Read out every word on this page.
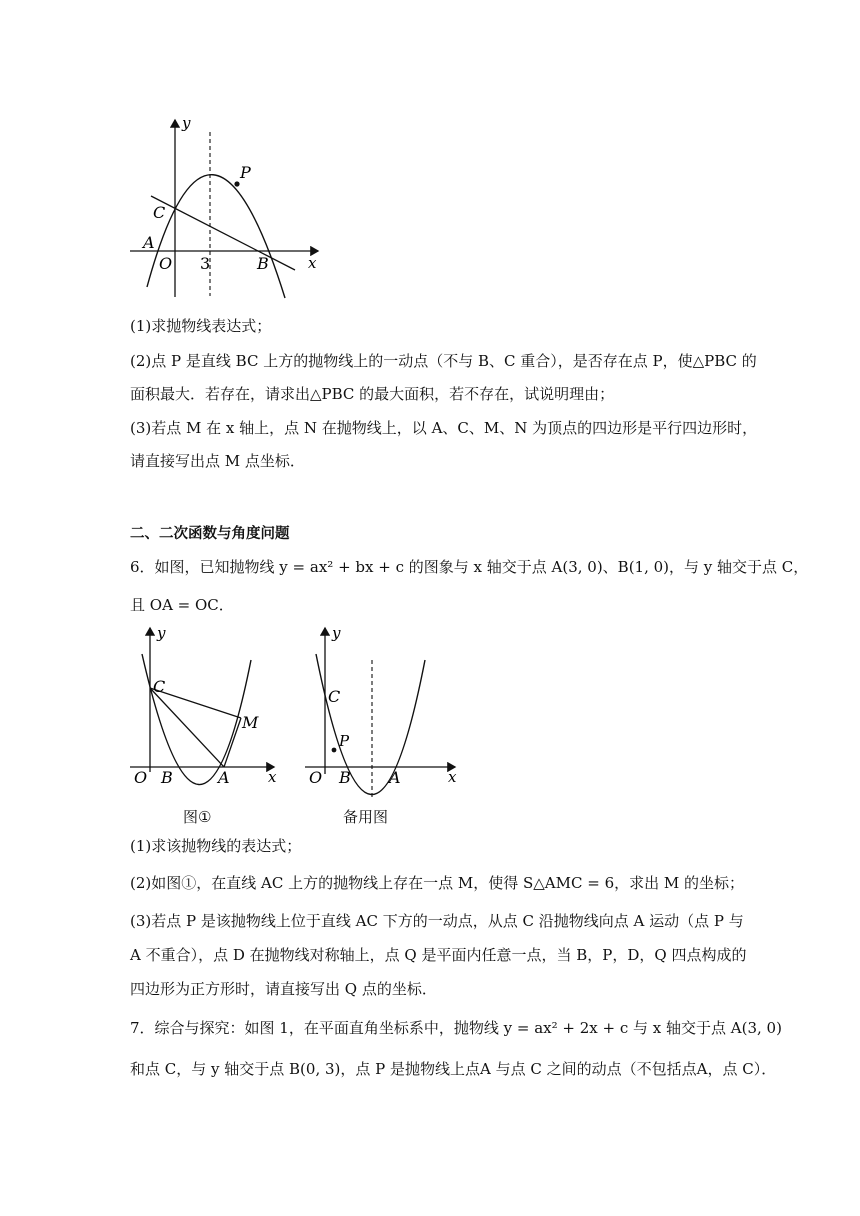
y
x
C
A
O 3	B
P
(1)求抛物线表达式；
(2)点 P 是直线 BC 上方的抛物线上的一动点（不与 B、C 重合），是否存在点 P，使△PBC 的
面积最大．若存在，请求出△PBC 的最大面积，若不存在，试说明理由；
(3)若点 M 在 x 轴上，点 N 在抛物线上，以 A、C、M、N 为顶点的四边形是平行四边形时，
请直接写出点 M 点坐标．
二、二次函数与角度问题
6．如图，已知抛物线 y = ax² + bx + c 的图象与 x 轴交于点 A(3, 0)、B(1, 0)，与 y 轴交于点 C，
且 OA = OC．
y
x
C
M
O B	A
图①
y
x
C
P
O B A
备用图
(1)求该抛物线的表达式；
(2)如图①，在直线 AC 上方的抛物线上存在一点 M，使得 S△AMC = 6，求出 M 的坐标；
(3)若点 P 是该抛物线上位于直线 AC 下方的一动点，从点 C 沿抛物线向点 A 运动（点 P 与
A 不重合），点 D 在抛物线对称轴上，点 Q 是平面内任意一点，当 B，P，D，Q 四点构成的
四边形为正方形时，请直接写出 Q 点的坐标．
7．综合与探究：如图 1，在平面直角坐标系中，抛物线 y = ax² + 2x + c 与 x 轴交于点 A(3, 0)
和点 C，与 y 轴交于点 B(0, 3)，点 P 是抛物线上点A 与点 C 之间的动点（不包括点A，点 C）．
